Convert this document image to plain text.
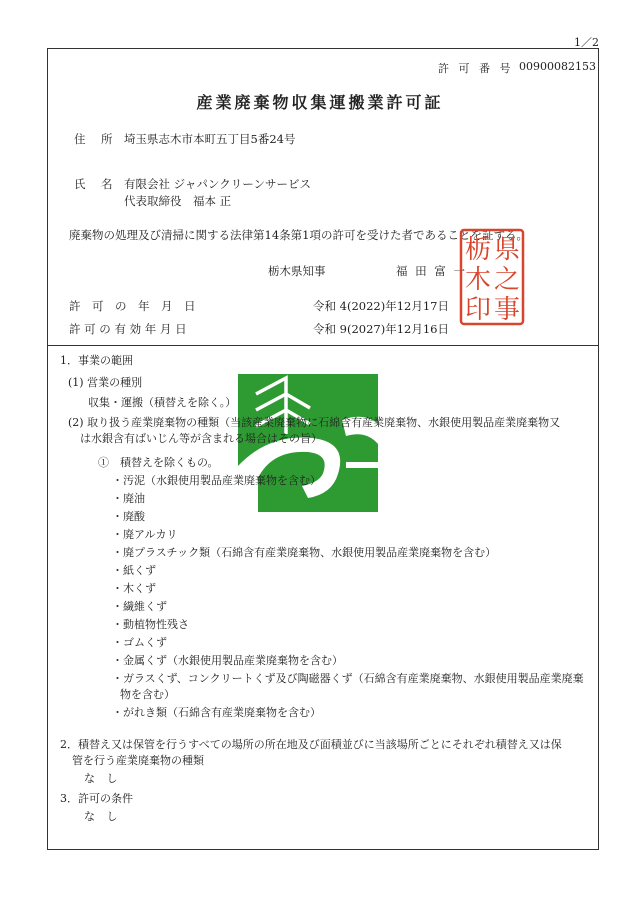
1／2
許 可 番 号 00900082153
産業廃棄物収集運搬業許可証
住　所 埼玉県志木市本町五丁目5番24号
氏　名 有限会社 ジャパンクリーンサービス
代表取締役　福本 正
廃棄物の処理及び清掃に関する法律第14条第1項の許可を受けた者であることを証する。
栃木県知事	福 田 富 一
県
之
栃
木
印 事
許　可　の　年　月　日	令和 4(2022)年12月17日
許 可 の 有 効 年 月 日	令和 9(2027)年12月16日
1．事業の範囲
(1) 営業の種別
収集・運搬（積替えを除く。）
(2) 取り扱う産業廃棄物の種類（当該産業廃棄物に石綿含有産業廃棄物、水銀使用製品産業廃棄物又
は水銀含有ばいじん等が含まれる場合はその旨）
①　積替えを除くもの。
・汚泥（水銀使用製品産業廃棄物を含む）
・廃油
・廃酸
・廃アルカリ
・廃プラスチック類（石綿含有産業廃棄物、水銀使用製品産業廃棄物を含む）
・紙くず
・木くず
・繊維くず
・動植物性残さ
・ゴムくず
・金属くず（水銀使用製品産業廃棄物を含む）
・ガラスくず、コンクリートくず及び陶磁器くず（石綿含有産業廃棄物、水銀使用製品産業廃棄
物を含む）
・がれき類（石綿含有産業廃棄物を含む）
2．積替え又は保管を行うすべての場所の所在地及び面積並びに当該場所ごとにそれぞれ積替え又は保
管を行う産業廃棄物の種類
な し
3．許可の条件
な し
